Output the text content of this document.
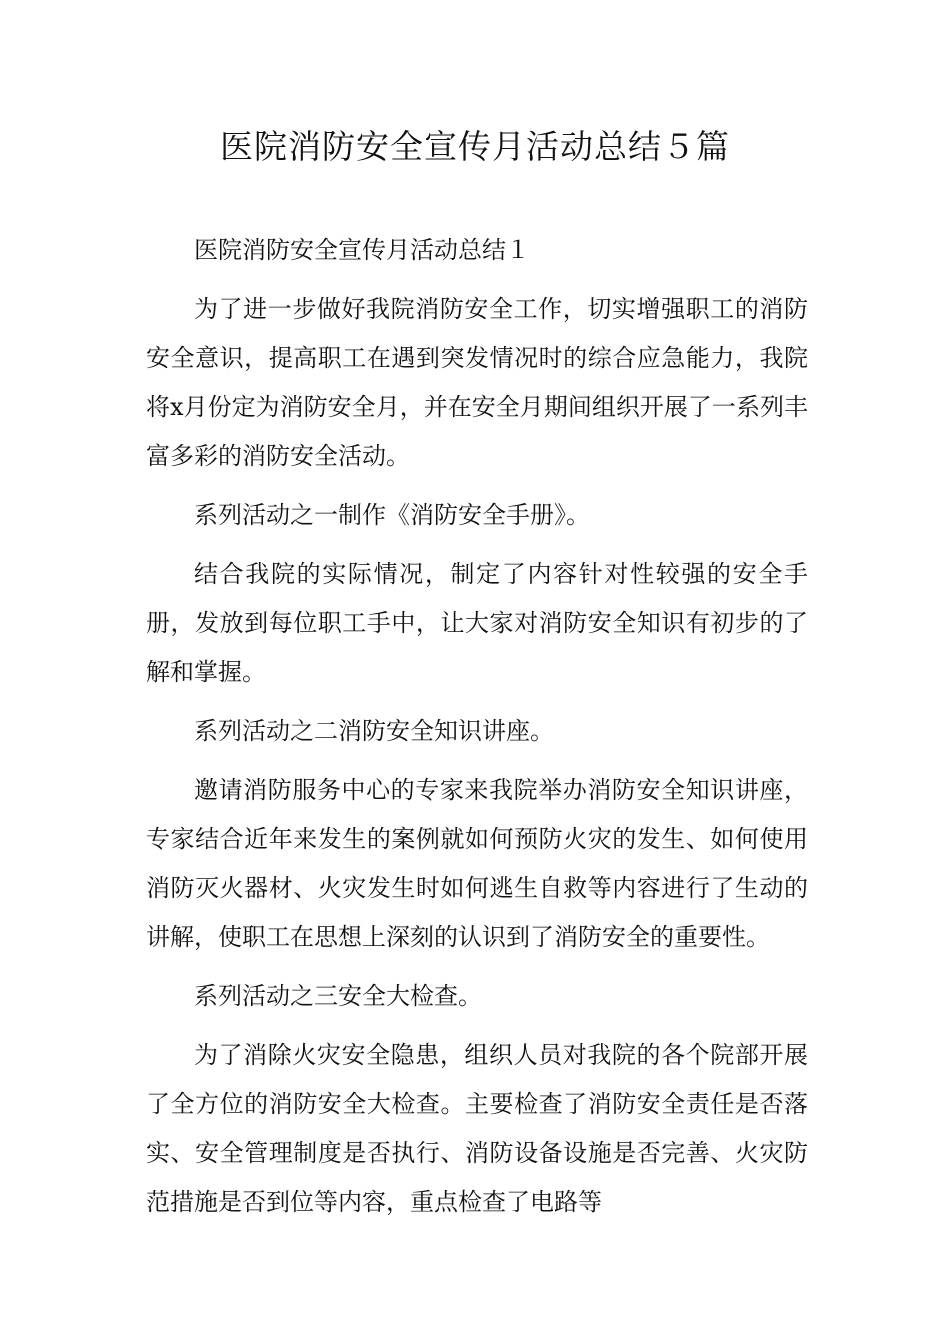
医院消防安全宣传月活动总结５篇

医院消防安全宣传月活动总结１

为了进一步做好我院消防安全工作，切实增强职工的消防安全意识，提高职工在遇到突发情况时的综合应急能力，我院将x月份定为消防安全月，并在安全月期间组织开展了一系列丰富多彩的消防安全活动。

系列活动之一制作《消防安全手册》。

结合我院的实际情况，制定了内容针对性较强的安全手册，发放到每位职工手中，让大家对消防安全知识有初步的了解和掌握。

系列活动之二消防安全知识讲座。

邀请消防服务中心的专家来我院举办消防安全知识讲座，专家结合近年来发生的案例就如何预防火灾的发生、如何使用消防灭火器材、火灾发生时如何逃生自救等内容进行了生动的讲解，使职工在思想上深刻的认识到了消防安全的重要性。

系列活动之三安全大检查。

为了消除火灾安全隐患，组织人员对我院的各个院部开展了全方位的消防安全大检查。主要检查了消防安全责任是否落实、安全管理制度是否执行、消防设备设施是否完善、火灾防范措施是否到位等内容，重点检查了电路等
